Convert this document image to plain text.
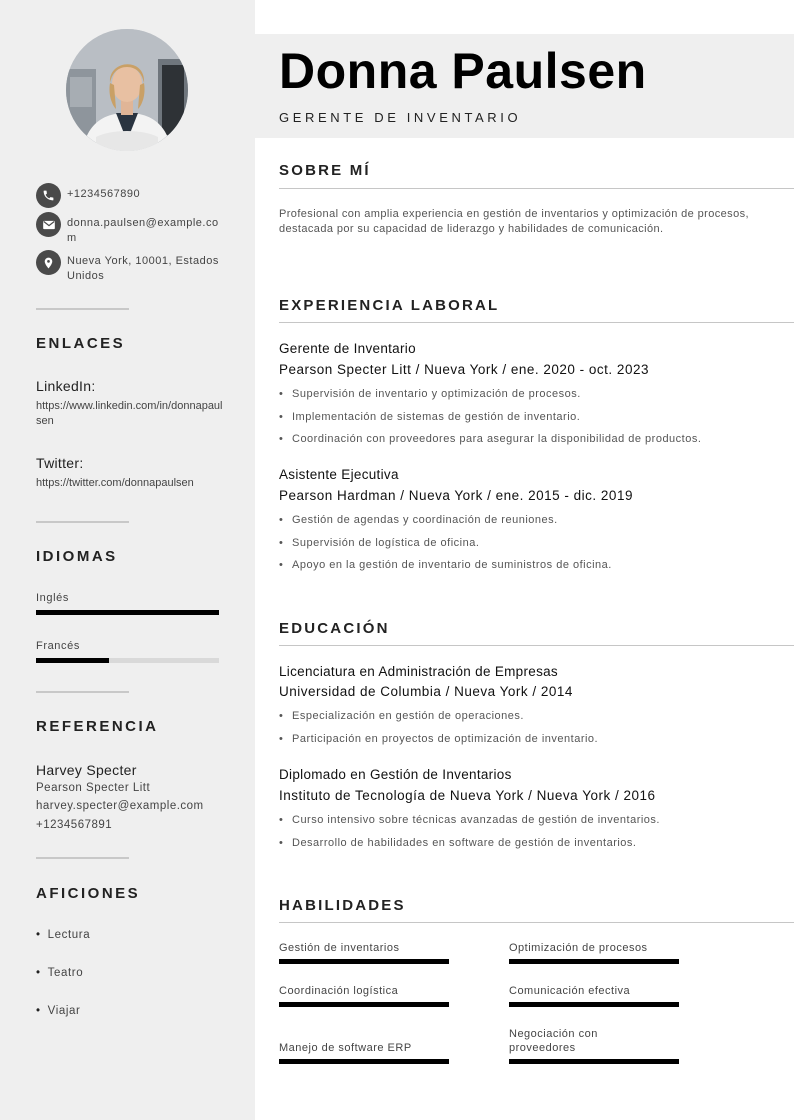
+1234567890
donna.paulsen@example.com
Nueva York, 10001, Estados Unidos
ENLACES
LinkedIn:
https://www.linkedin.com/in/donnapaulsen
Twitter:
https://twitter.com/donnapaulsen
IDIOMAS
Inglés
Francés
REFERENCIA
Harvey Specter
Pearson Specter Litt
harvey.specter@example.com
+1234567891
AFICIONES
• Lectura
• Teatro
• Viajar
Donna Paulsen
GERENTE DE INVENTARIO
SOBRE MÍ
Profesional con amplia experiencia en gestión de inventarios y optimización de procesos, destacada por su capacidad de liderazgo y habilidades de comunicación.
EXPERIENCIA LABORAL
Gerente de Inventario
Pearson Specter Litt / Nueva York / ene. 2020 - oct. 2023
• Supervisión de inventario y optimización de procesos.
• Implementación de sistemas de gestión de inventario.
• Coordinación con proveedores para asegurar la disponibilidad de productos.
Asistente Ejecutiva
Pearson Hardman / Nueva York / ene. 2015 - dic. 2019
• Gestión de agendas y coordinación de reuniones.
• Supervisión de logística de oficina.
• Apoyo en la gestión de inventario de suministros de oficina.
EDUCACIÓN
Licenciatura en Administración de Empresas
Universidad de Columbia / Nueva York / 2014
• Especialización en gestión de operaciones.
• Participación en proyectos de optimización de inventario.
Diplomado en Gestión de Inventarios
Instituto de Tecnología de Nueva York / Nueva York / 2016
• Curso intensivo sobre técnicas avanzadas de gestión de inventarios.
• Desarrollo de habilidades en software de gestión de inventarios.
HABILIDADES
Gestión de inventarios	Optimización de procesos
Coordinación logística	Comunicación efectiva
Manejo de software ERP
Negociación con proveedores
